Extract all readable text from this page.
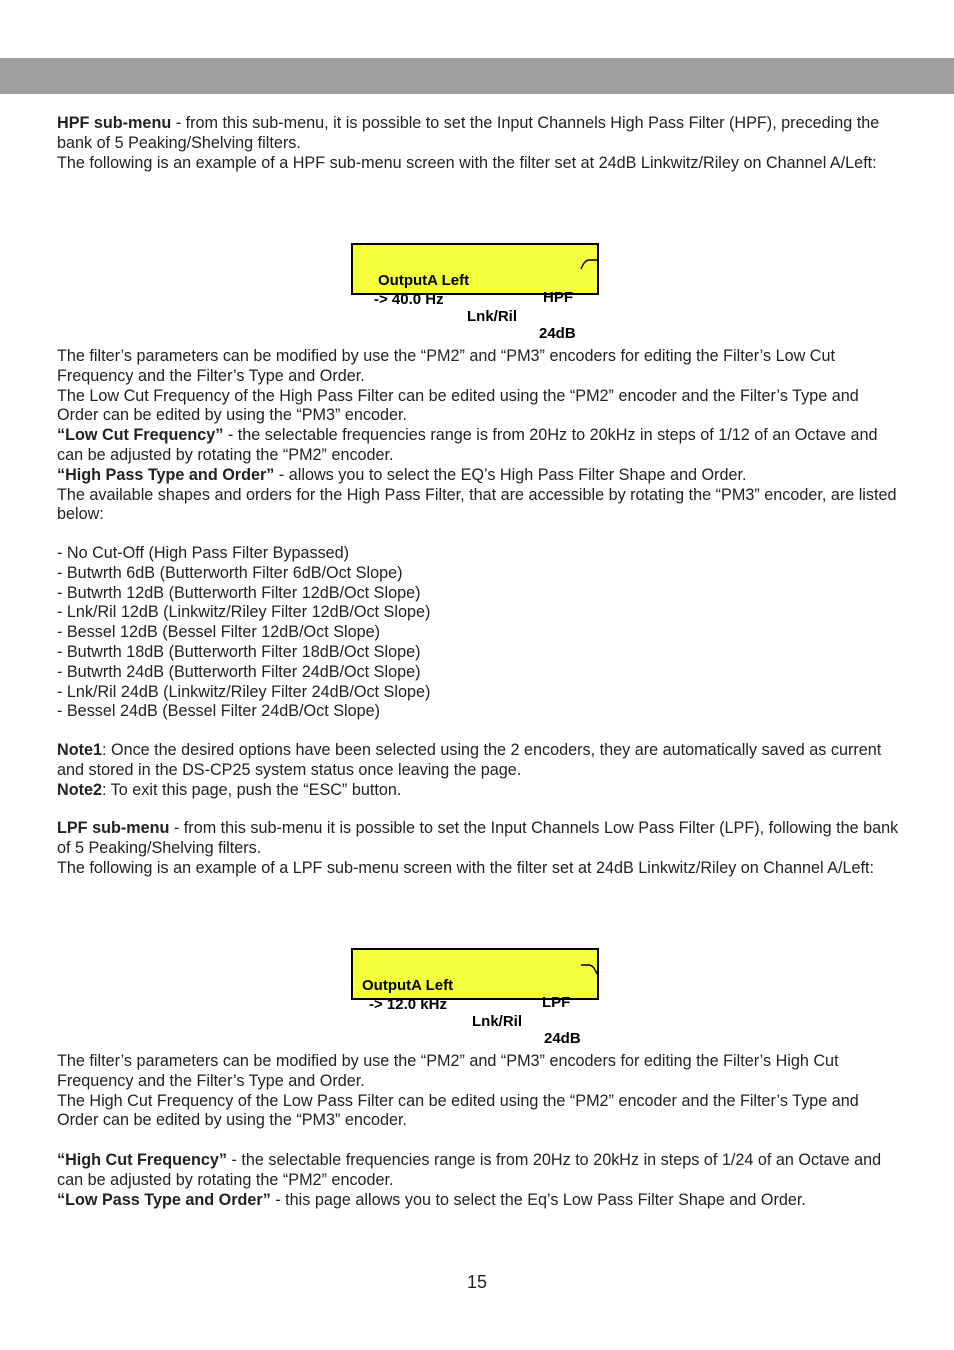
HPF sub-menu - from this sub-menu, it is possible to set the Input Channels High Pass Filter (HPF), preceding the bank of 5 Peaking/Shelving filters.

The following is an example of a HPF sub-menu screen with the filter set at 24dB Linkwitz/Riley on Channel A/Left:

OutputA Left

HPF

-> 40.0 Hz

Lnk/Ril

24dB

The filter’s parameters can be modified by use the “PM2” and “PM3” encoders for editing the Filter’s Low Cut Frequency and the Filter’s Type and Order.

The Low Cut Frequency of the High Pass Filter can be edited using the “PM2” encoder and the Filter’s Type and Order can be edited by using the “PM3” encoder.

“Low Cut Frequency” - the selectable frequencies range is from 20Hz to 20kHz in steps of 1/12 of an Octave and can be adjusted by rotating the “PM2” encoder.

“High Pass Type and Order” - allows you to select the EQ’s High Pass Filter Shape and Order.

The available shapes and orders for the High Pass Filter, that are accessible by rotating the “PM3” encoder, are listed below:

- No Cut-Off (High Pass Filter Bypassed)

- Butwrth 6dB (Butterworth Filter 6dB/Oct Slope)

- Butwrth 12dB (Butterworth Filter 12dB/Oct Slope)

- Lnk/Ril 12dB (Linkwitz/Riley Filter 12dB/Oct Slope)

- Bessel 12dB (Bessel Filter 12dB/Oct Slope)

- Butwrth 18dB (Butterworth Filter 18dB/Oct Slope)

- Butwrth 24dB (Butterworth Filter 24dB/Oct Slope)

- Lnk/Ril 24dB (Linkwitz/Riley Filter 24dB/Oct Slope)

- Bessel 24dB (Bessel Filter 24dB/Oct Slope)

Note1: Once the desired options have been selected using the 2 encoders, they are automatically saved as current and stored in the DS-CP25 system status once leaving the page.

Note2: To exit this page, push the “ESC” button.

LPF sub-menu - from this sub-menu it is possible to set the Input Channels Low Pass Filter (LPF), following the bank of 5 Peaking/Shelving filters.

The following is an example of a LPF sub-menu screen with the filter set at 24dB Linkwitz/Riley on Channel A/Left:

OutputA Left

LPF

-> 12.0 kHz

Lnk/Ril

24dB

The filter’s parameters can be modified by use the “PM2” and “PM3” encoders for editing the Filter’s High Cut Frequency and the Filter’s Type and Order.

The High Cut Frequency of the Low Pass Filter can be edited using the “PM2” encoder and the Filter’s Type and Order can be edited by using the “PM3” encoder.

“High Cut Frequency” - the selectable frequencies range is from 20Hz to 20kHz in steps of 1/24 of an Octave and can be adjusted by rotating the “PM2” encoder.

“Low Pass Type and Order” - this page allows you to select the Eq’s Low Pass Filter Shape and Order.

15
